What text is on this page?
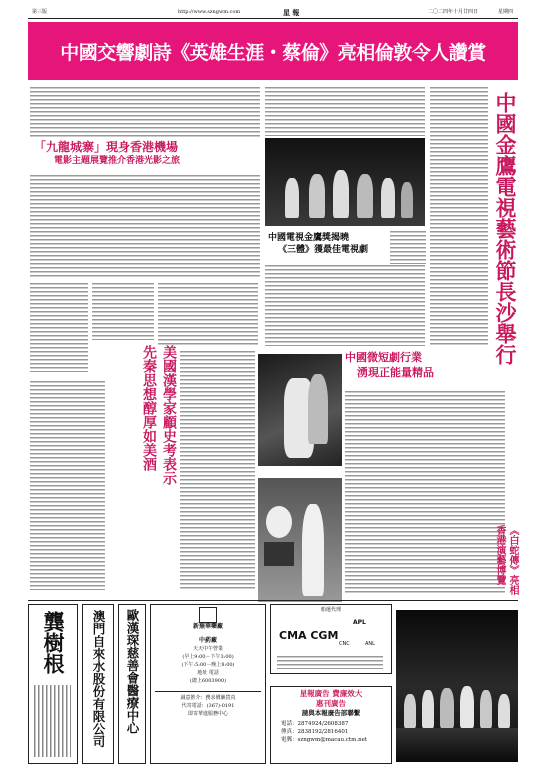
第三版	http://www.szngwm.com	星 報	二〇二四年十月廿四日	星期四
中國交響劇詩《英雄生涯・蔡倫》亮相倫敦令人讚賞
「九龍城寨」現身香港機場
電影主題展覽推介香港光影之旅
美國漢學家顧史考表示
先秦思想醇厚如美酒
中國電視金鷹獎揭曉
《三體》獲最佳電視劇
中國微短劇行業
湧現正能量精品
中國金鷹電視藝術節長沙舉行
《白蛇傳》亮相
香港演藝博覽
龔樹根 澳門自來水股份有限公司 歐漢琛慈善會醫療中心	新蕪華藥廠
中葯廠
天天中午營業
(早上9:00－下午3:00)
(下午:5:00－晚上8:00)
地址 電話
(總上6003900)
誠意推介：務求價廉貨真
代寄電話：(367)-0191
即寄華進服務中心
船運代理
CMA CGM
APL
CNC	ANL
星報廣告 費廉效大
惠刊廣告
請與本報廣告部聯繫
電話：2874924/2608387
傳真：2838192/2816401
電郵：szngwm@macau.ctm.net
